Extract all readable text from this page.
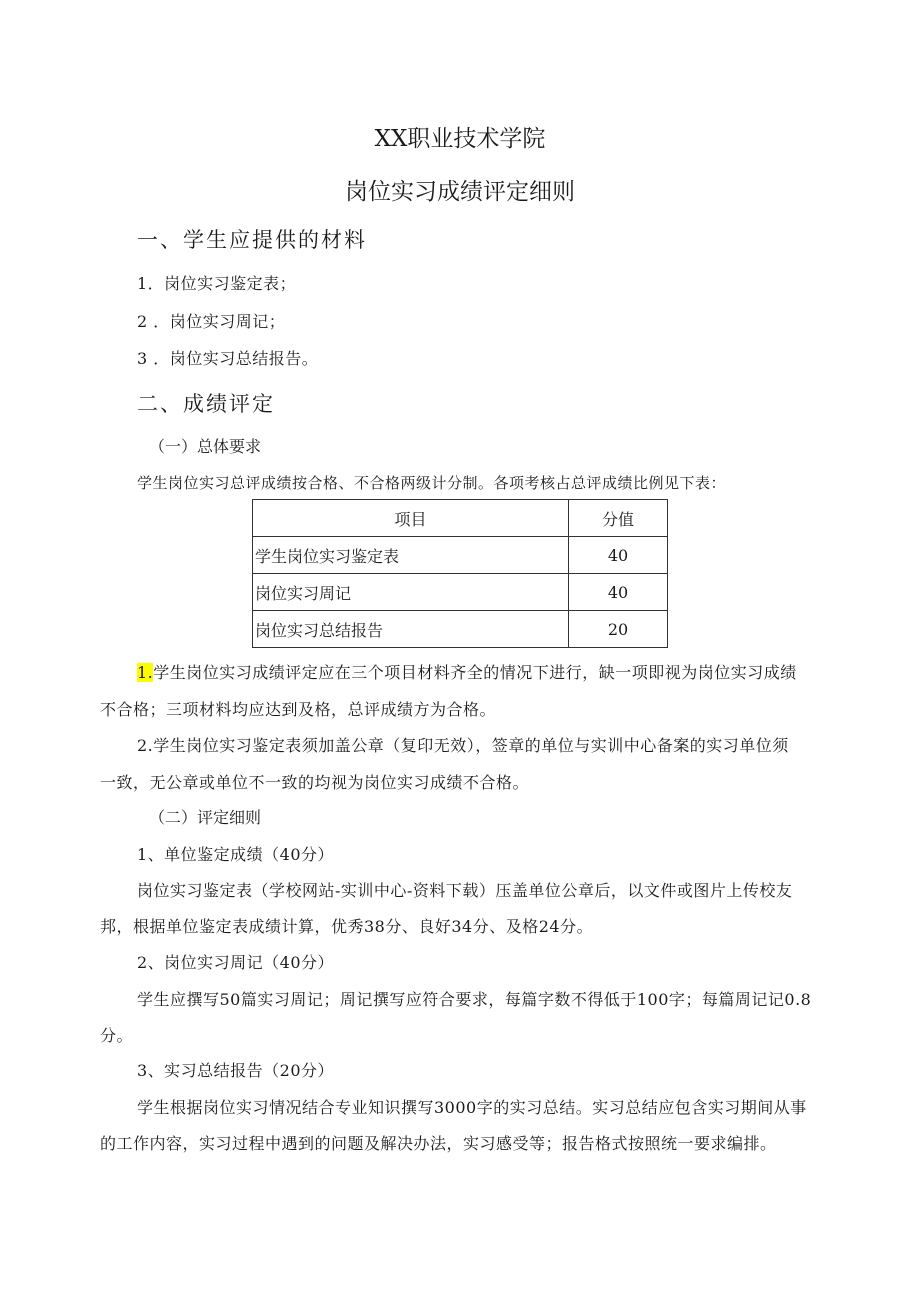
XX职业技术学院
岗位实习成绩评定细则
一、学生应提供的材料
1．岗位实习鉴定表；
2 ．岗位实习周记；
3 ．岗位实习总结报告。
二、成绩评定
（一）总体要求
学生岗位实习总评成绩按合格、不合格两级计分制。各项考核占总评成绩比例见下表：
项目	分值
学生岗位实习鉴定表	40
岗位实习周记	40
岗位实习总结报告	20
1.学生岗位实习成绩评定应在三个项目材料齐全的情况下进行，缺一项即视为岗位实习成绩
不合格；三项材料均应达到及格，总评成绩方为合格。
2.学生岗位实习鉴定表须加盖公章（复印无效），签章的单位与实训中心备案的实习单位须
一致，无公章或单位不一致的均视为岗位实习成绩不合格。
（二）评定细则
1、单位鉴定成绩（40分）
岗位实习鉴定表（学校网站-实训中心-资料下载）压盖单位公章后，以文件或图片上传校友
邦，根据单位鉴定表成绩计算，优秀38分、良好34分、及格24分。
2、岗位实习周记（40分）
学生应撰写50篇实习周记；周记撰写应符合要求，每篇字数不得低于100字；每篇周记记0.8
分。
3、实习总结报告（20分）
学生根据岗位实习情况结合专业知识撰写3000字的实习总结。实习总结应包含实习期间从事
的工作内容，实习过程中遇到的问题及解决办法，实习感受等；报告格式按照统一要求编排。
